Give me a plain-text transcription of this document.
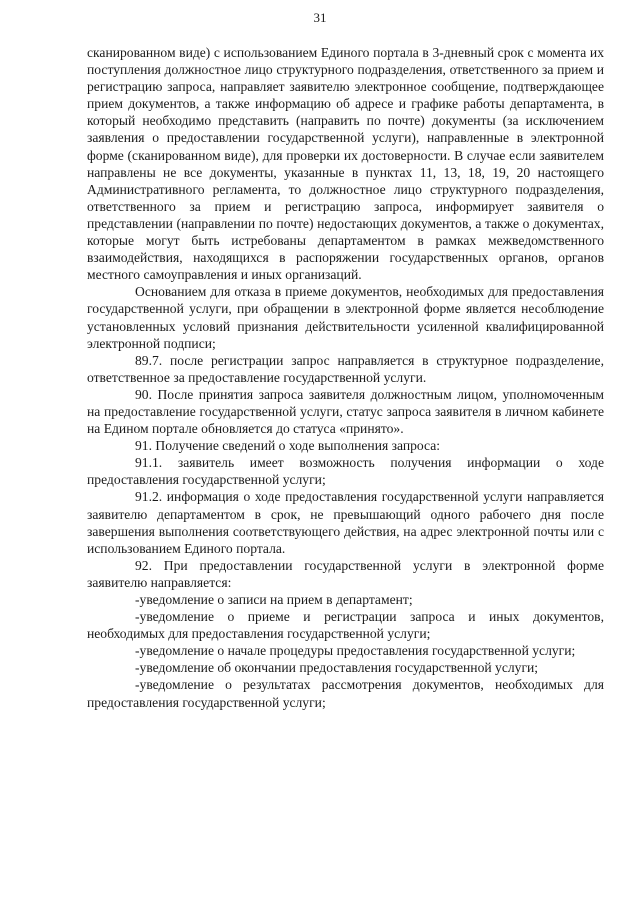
31

сканированном виде) с использованием Единого портала в 3-дневный срок с момента их поступления должностное лицо структурного подразделения, ответственного за прием и регистрацию запроса, направляет заявителю электронное сообщение, подтверждающее прием документов, а также информацию об адресе и графике работы департамента, в который необходимо представить (направить по почте) документы (за исключением заявления о предоставлении государственной услуги), направленные в электронной форме (сканированном виде), для проверки их достоверности. В случае если заявителем направлены не все документы, указанные в пунктах 11, 13, 18, 19, 20 настоящего Административного регламента, то должностное лицо структурного подразделения, ответственного за прием и регистрацию запроса, информирует заявителя о представлении (направлении по почте) недостающих документов, а также о документах, которые могут быть истребованы департаментом в рамках межведомственного взаимодействия, находящихся в распоряжении государственных органов, органов местного самоуправления и иных организаций.

Основанием для отказа в приеме документов, необходимых для предоставления государственной услуги, при обращении в электронной форме является несоблюдение установленных условий признания действительности усиленной квалифицированной электронной подписи;

89.7. после регистрации запрос направляется в структурное подразделение, ответственное за предоставление государственной услуги.

90. После принятия запроса заявителя должностным лицом, уполномоченным на предоставление государственной услуги, статус запроса заявителя в личном кабинете на Едином портале обновляется до статуса «принято».

91. Получение сведений о ходе выполнения запроса:

91.1. заявитель имеет возможность получения информации о ходе предоставления государственной услуги;

91.2. информация о ходе предоставления государственной услуги направляется заявителю департаментом в срок, не превышающий одного рабочего дня после завершения выполнения соответствующего действия, на адрес электронной почты или с использованием Единого портала.

92. При предоставлении государственной услуги в электронной форме заявителю направляется:

-уведомление о записи на прием в департамент;

-уведомление о приеме и регистрации запроса и иных документов, необходимых для предоставления государственной услуги;

-уведомление о начале процедуры предоставления государственной услуги;

-уведомление об окончании предоставления государственной услуги;

-уведомление о результатах рассмотрения документов, необходимых для предоставления государственной услуги;
